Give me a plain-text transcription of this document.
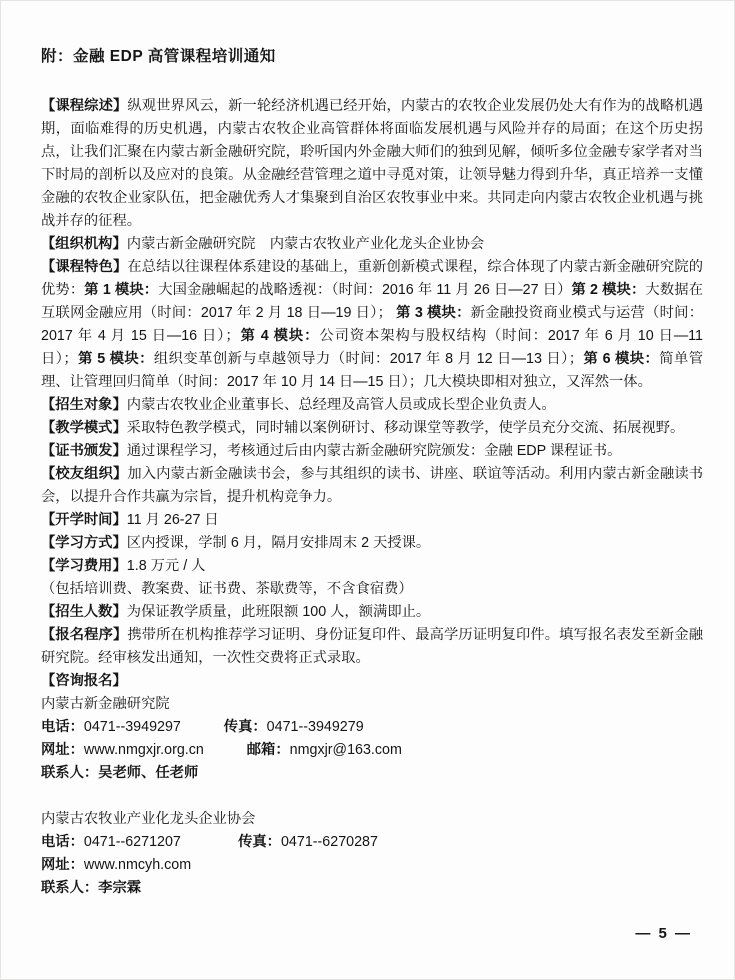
附：金融 EDP 高管课程培训通知

【课程综述】纵观世界风云，新一轮经济机遇已经开始，内蒙古的农牧企业发展仍处大有作为的战略机遇期，面临难得的历史机遇，内蒙古农牧企业高管群体将面临发展机遇与风险并存的局面；在这个历史拐点，让我们汇聚在内蒙古新金融研究院，聆听国内外金融大师们的独到见解，倾听多位金融专家学者对当下时局的剖析以及应对的良策。从金融经营管理之道中寻觅对策，让领导魅力得到升华，真正培养一支懂金融的农牧企业家队伍，把金融优秀人才集聚到自治区农牧事业中来。共同走向内蒙古农牧企业机遇与挑战并存的征程。

【组织机构】内蒙古新金融研究院　内蒙古农牧业产业化龙头企业协会

【课程特色】在总结以往课程体系建设的基础上，重新创新模式课程，综合体现了内蒙古新金融研究院的优势：第 1 模块：大国金融崛起的战略透视：（时间：2016 年 11 月 26 日—27 日）第 2 模块：大数据在互联网金融应用（时间：2017 年 2 月 18 日—19 日）； 第 3 模块：新金融投资商业模式与运营（时间：2017 年 4 月 15 日—16 日）；第 4 模块：公司资本架构与股权结构（时间：2017 年 6 月 10 日—11 日）；第 5 模块：组织变革创新与卓越领导力（时间：2017 年 8 月 12 日—13 日）；第 6 模块：简单管理、让管理回归简单（时间：2017 年 10 月 14 日—15 日）；几大模块即相对独立，又浑然一体。

【招生对象】内蒙古农牧业企业董事长、总经理及高管人员或成长型企业负责人。

【教学模式】采取特色教学模式，同时辅以案例研讨、移动课堂等教学，使学员充分交流、拓展视野。

【证书颁发】通过课程学习，考核通过后由内蒙古新金融研究院颁发：金融 EDP 课程证书。

【校友组织】加入内蒙古新金融读书会，参与其组织的读书、讲座、联谊等活动。利用内蒙古新金融读书会，以提升合作共赢为宗旨，提升机构竞争力。

【开学时间】11 月 26-27 日

【学习方式】区内授课，学制 6 月，隔月安排周末 2 天授课。

【学习费用】1.8 万元 / 人

（包括培训费、教案费、证书费、茶歇费等，不含食宿费）

【招生人数】为保证教学质量，此班限额 100 人，额满即止。

【报名程序】携带所在机构推荐学习证明、身份证复印件、最高学历证明复印件。填写报名表发至新金融研究院。经审核发出通知，一次性交费将正式录取。

【咨询报名】

内蒙古新金融研究院

电话：0471--3949297　　　	传真：0471--3949279

网址：www.nmgxjr.org.cn　　　	邮箱：nmgxjr@163.com

联系人：吴老师、任老师

内蒙古农牧业产业化龙头企业协会

电话：0471--6271207　　　　	传真：0471--6270287

网址：www.nmcyh.com

联系人：李宗霖

— 5 —
